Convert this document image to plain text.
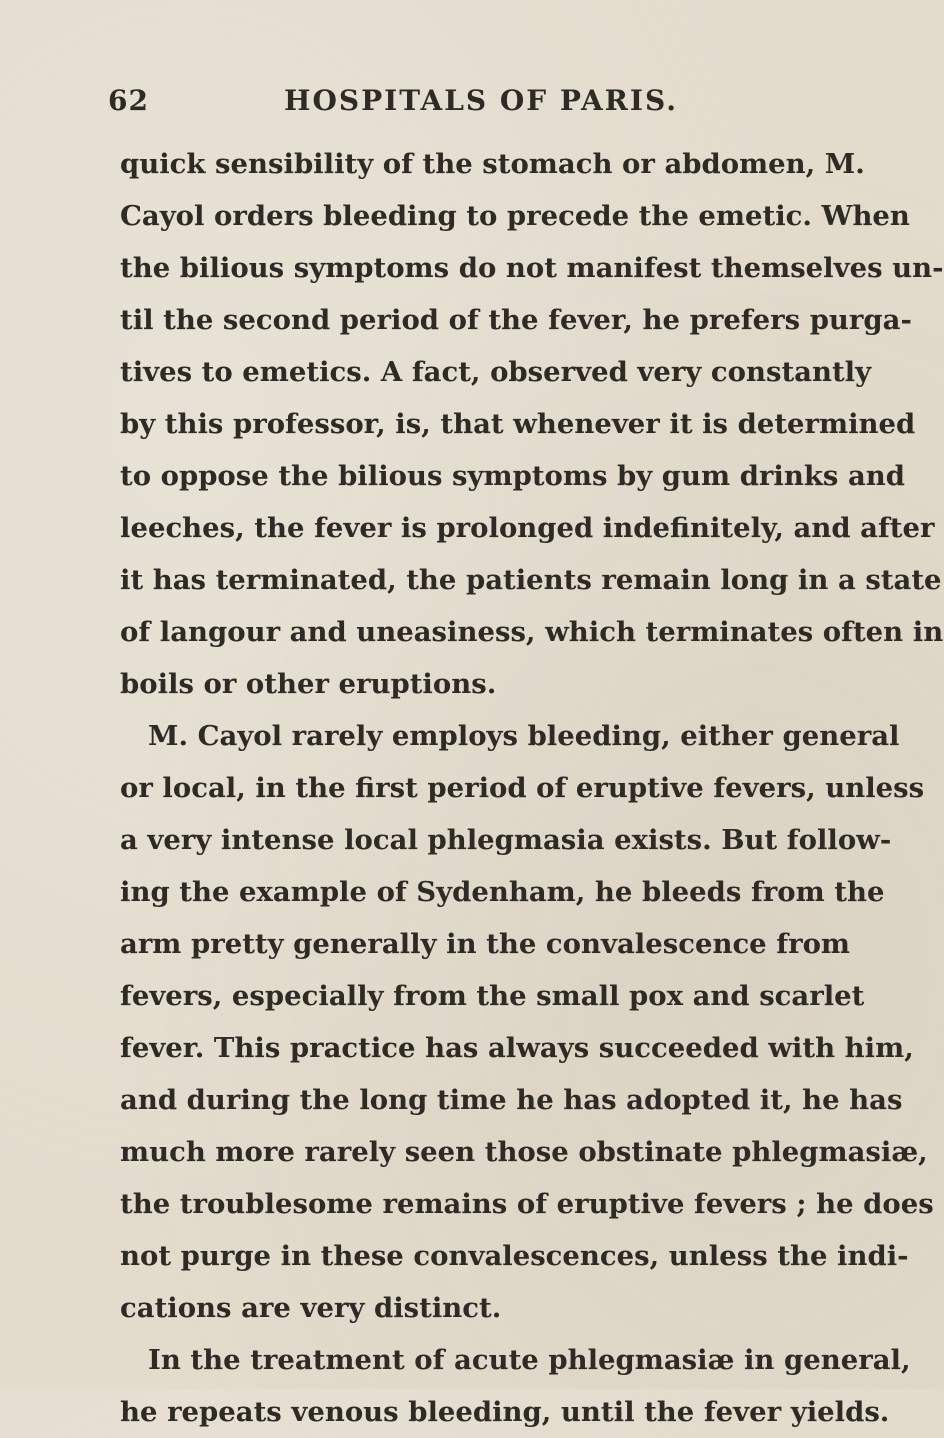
62	HOSPITALS OF PARIS.
quick sensibility of the stomach or abdomen, M.
Cayol orders bleeding to precede the emetic. When
the bilious symptoms do not manifest themselves un-
til the second period of the fever, he prefers purga-
tives to emetics. A fact, observed very constantly
by this professor, is, that whenever it is determined
to oppose the bilious symptoms by gum drinks and
leeches, the fever is prolonged indefinitely, and after
it has terminated, the patients remain long in a state
of langour and uneasiness, which terminates often in
boils or other eruptions.
M. Cayol rarely employs bleeding, either general
or local, in the first period of eruptive fevers, unless
a very intense local phlegmasia exists. But follow-
ing the example of Sydenham, he bleeds from the
arm pretty generally in the convalescence from
fevers, especially from the small pox and scarlet
fever. This practice has always succeeded with him,
and during the long time he has adopted it, he has
much more rarely seen those obstinate phlegmasiæ,
the troublesome remains of eruptive fevers ; he does
not purge in these convalescences, unless the indi-
cations are very distinct.
In the treatment of acute phlegmasiæ in general,
he repeats venous bleeding, until the fever yields.
